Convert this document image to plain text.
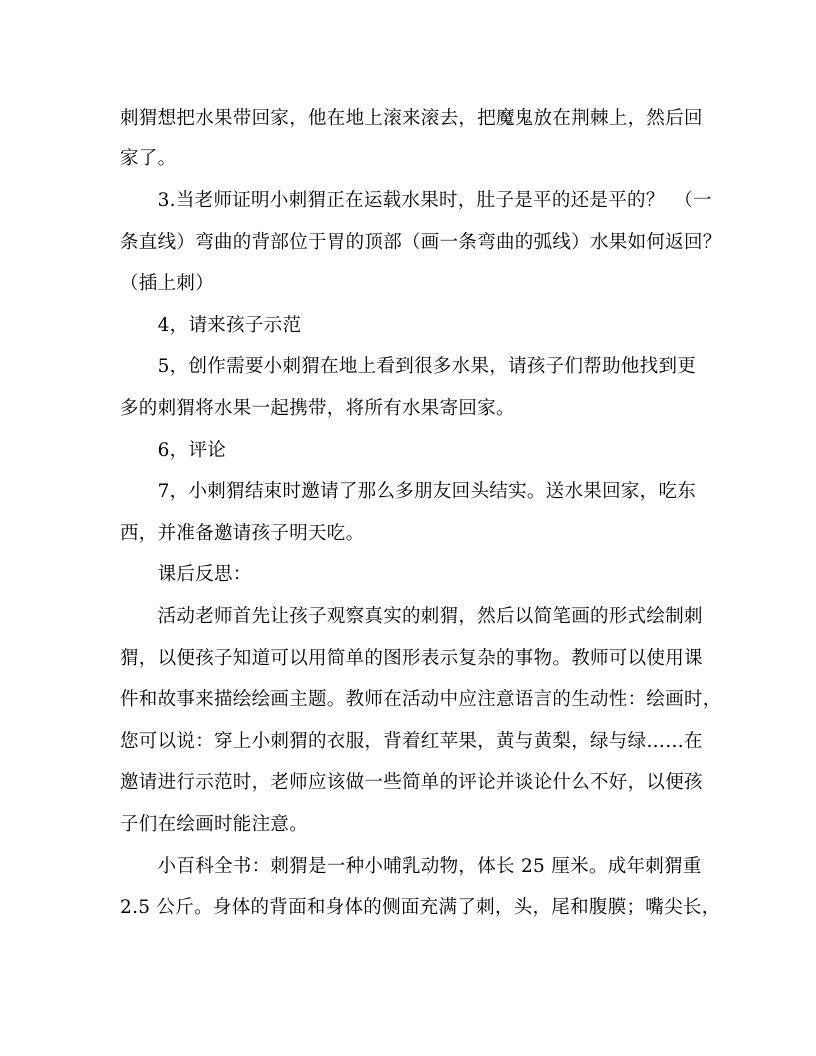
刺猬想把水果带回家，他在地上滚来滚去，把魔鬼放在荆棘上，然后回
家了。
　　3.当老师证明小刺猬正在运载水果时，肚子是平的还是平的？　（一
条直线）弯曲的背部位于胃的顶部（画一条弯曲的弧线）水果如何返回？
（插上刺）
　　4，请来孩子示范
　　5，创作需要小刺猬在地上看到很多水果，请孩子们帮助他找到更
多的刺猬将水果一起携带，将所有水果寄回家。
　　6，评论
　　7，小刺猬结束时邀请了那么多朋友回头结实。送水果回家，吃东
西，并准备邀请孩子明天吃。
　　课后反思：
　　活动老师首先让孩子观察真实的刺猬，然后以简笔画的形式绘制刺
猬，以便孩子知道可以用简单的图形表示复杂的事物。教师可以使用课
件和故事来描绘绘画主题。教师在活动中应注意语言的生动性：绘画时，
您可以说：穿上小刺猬的衣服，背着红苹果，黄与黄梨，绿与绿……在
邀请进行示范时，老师应该做一些简单的评论并谈论什么不好，以便孩
子们在绘画时能注意。
　　小百科全书：刺猬是一种小哺乳动物，体长 25 厘米。成年刺猬重
2.5 公斤。身体的背面和身体的侧面充满了刺，头，尾和腹膜；嘴尖长，
